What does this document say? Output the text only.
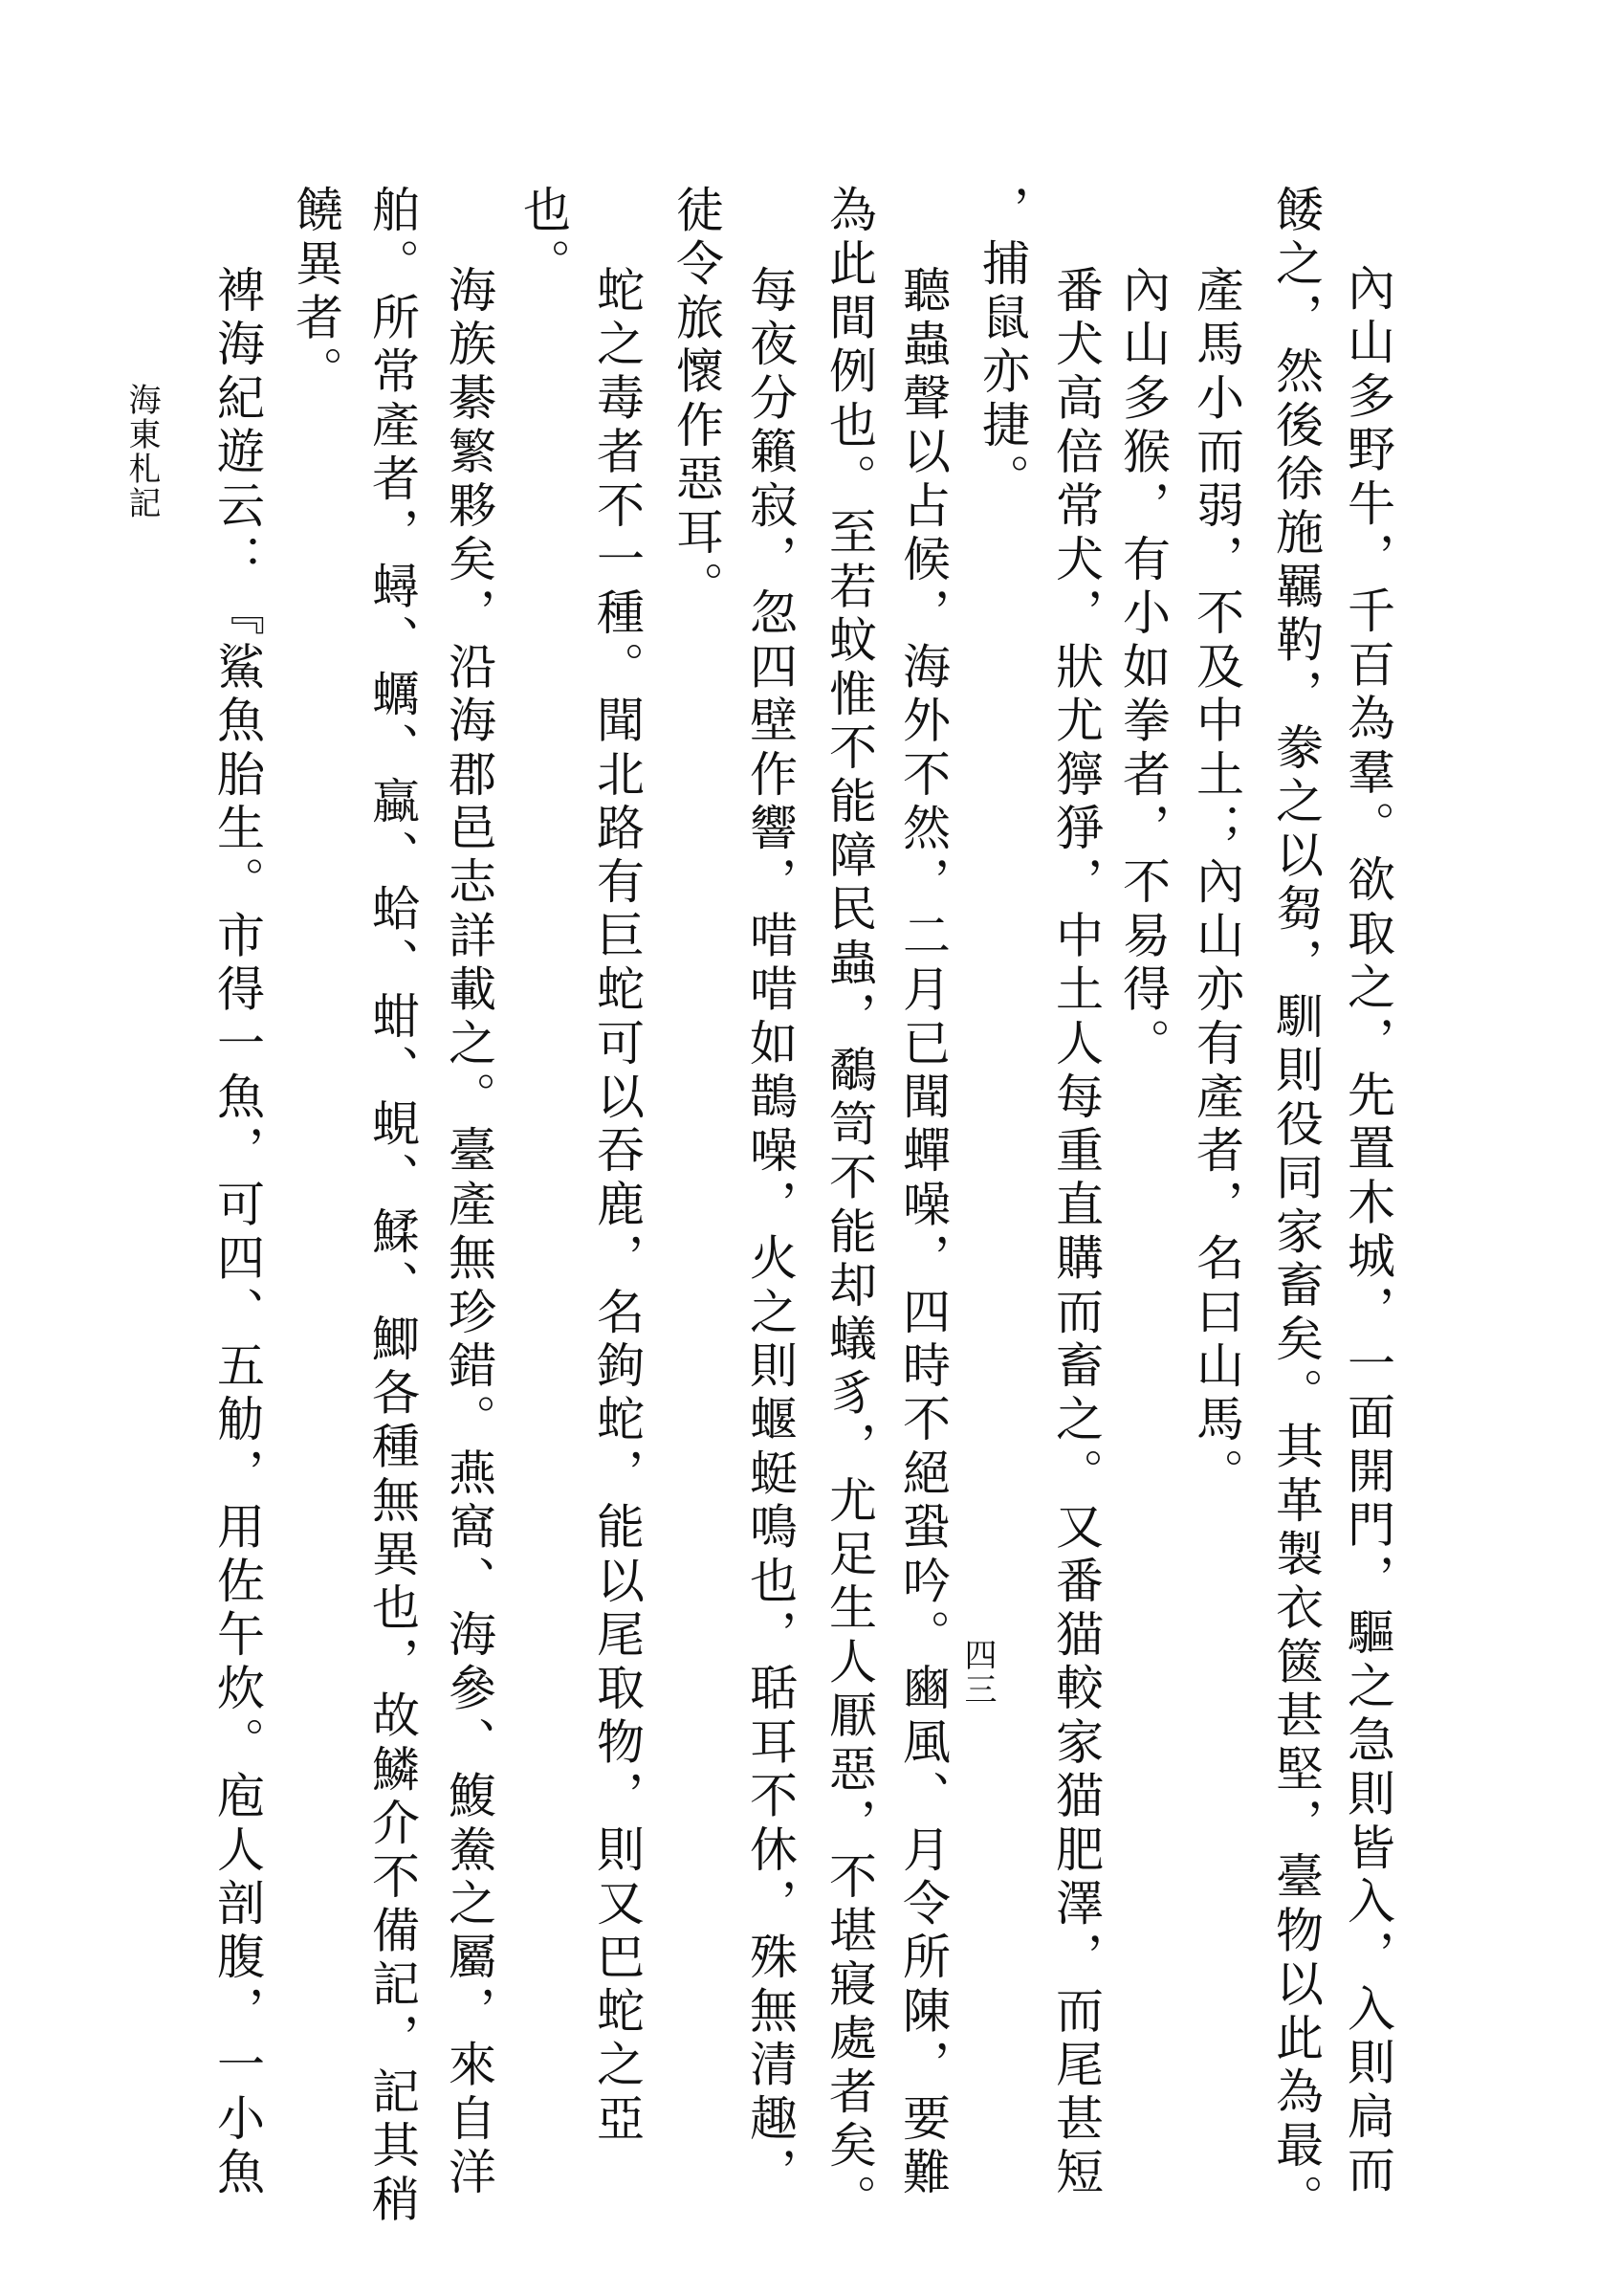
內山多野牛，千百為羣。欲取之，先置木城，一面開門，驅之急則皆入，入則扃而
餧之，然後徐施羈靮，豢之以芻，馴則役同家畜矣。其革製衣篋甚堅，臺物以此為最。
產馬小而弱，不及中土；內山亦有產者，名曰山馬。
內山多猴，有小如拳者，不易得。
番犬高倍常犬，狀尤獰猙，中土人每重直購而畜之。又番猫較家猫肥澤，而尾甚短
，捕鼠亦捷。
聽蟲聲以占候，海外不然，二月已聞蟬噪，四時不絕蛩吟。豳風、月令所陳，要難
為此間例也。至若蚊惟不能障民蟲，鷸笥不能却蟻豸，尤足生人厭惡，不堪寢處者矣。
每夜分籟寂，忽四壁作響，唶唶如鵲噪，火之則蝘蜓鳴也，聒耳不休，殊無清趣，
徒令旅懷作惡耳。
蛇之毒者不一種。聞北路有巨蛇可以吞鹿，名鉤蛇，能以尾取物，則又巴蛇之亞
也。
海族綦繁夥矣，沿海郡邑志詳載之。臺產無珍錯。燕窩、海參、鰒鮝之屬，來自洋
舶。所常產者，蟳、蠣、蠃、蛤、蚶、蜆、鰇、鯽各種無異也，故鱗介不備記，記其稍
饒異者。
裨海紀遊云：『鯊魚胎生。市得一魚，可四、五觔，用佐午炊。庖人剖腹，一小魚
海東札記
四三
